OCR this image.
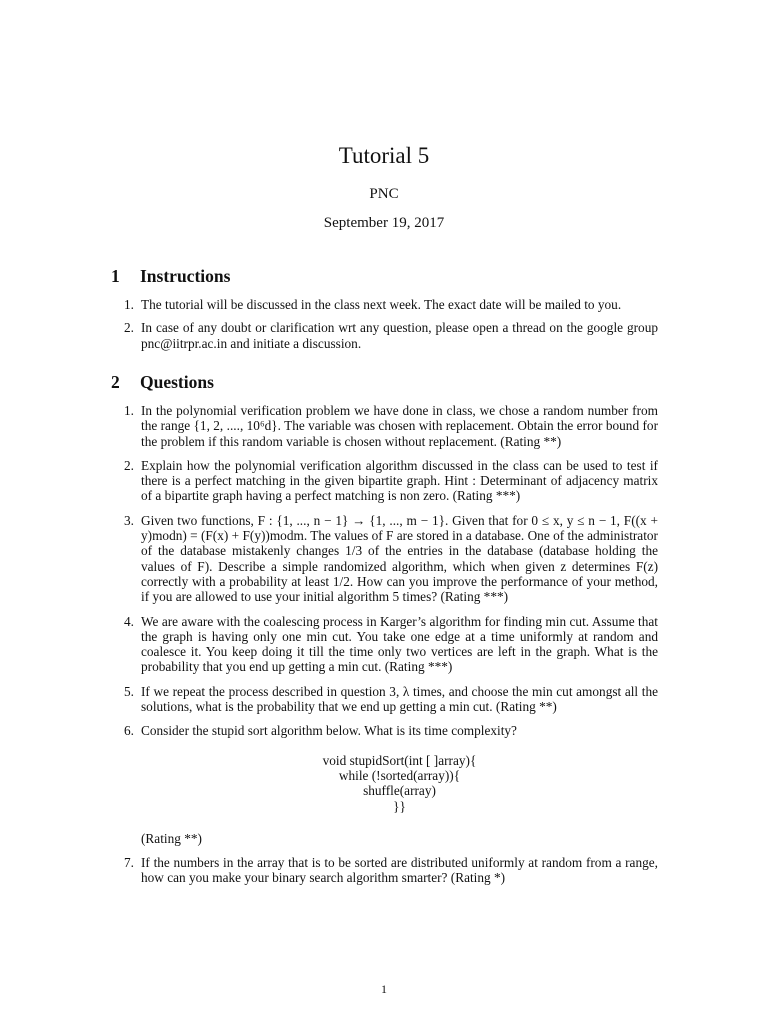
Tutorial 5
PNC
September 19, 2017
1 Instructions
1. The tutorial will be discussed in the class next week. The exact date will be mailed to you.
2. In case of any doubt or clarification wrt any question, please open a thread on the google group pnc@iitrpr.ac.in and initiate a discussion.
2 Questions
1. In the polynomial verification problem we have done in class, we chose a random number from the range {1, 2, ...., 10⁶d}. The variable was chosen with replacement. Obtain the error bound for the problem if this random variable is chosen without replacement. (Rating **)
2. Explain how the polynomial verification algorithm discussed in the class can be used to test if there is a perfect matching in the given bipartite graph. Hint : Determinant of adjacency matrix of a bipartite graph having a perfect matching is non zero. (Rating ***)
3. Given two functions, F : {1, ..., n − 1} → {1, ..., m − 1}. Given that for 0 ≤ x, y ≤ n − 1, F((x + y)modn) = (F(x) + F(y))modm. The values of F are stored in a database. One of the administrator of the database mistakenly changes 1/3 of the entries in the database (database holding the values of F). Describe a simple randomized algorithm, which when given z determines F(z) correctly with a probability at least 1/2. How can you improve the performance of your method, if you are allowed to use your initial algorithm 5 times? (Rating ***)
4. We are aware with the coalescing process in Karger’s algorithm for finding min cut. Assume that the graph is having only one min cut. You take one edge at a time uniformly at random and coalesce it. You keep doing it till the time only two vertices are left in the graph. What is the probability that you end up getting a min cut. (Rating ***)
5. If we repeat the process described in question 3, λ times, and choose the min cut amongst all the solutions, what is the probability that we end up getting a min cut. (Rating **)
6. Consider the stupid sort algorithm below. What is its time complexity?
void stupidSort(int [ ]array){
while (!sorted(array)){
shuffle(array)
}}
(Rating **)
7. If the numbers in the array that is to be sorted are distributed uniformly at random from a range, how can you make your binary search algorithm smarter? (Rating *)
1
